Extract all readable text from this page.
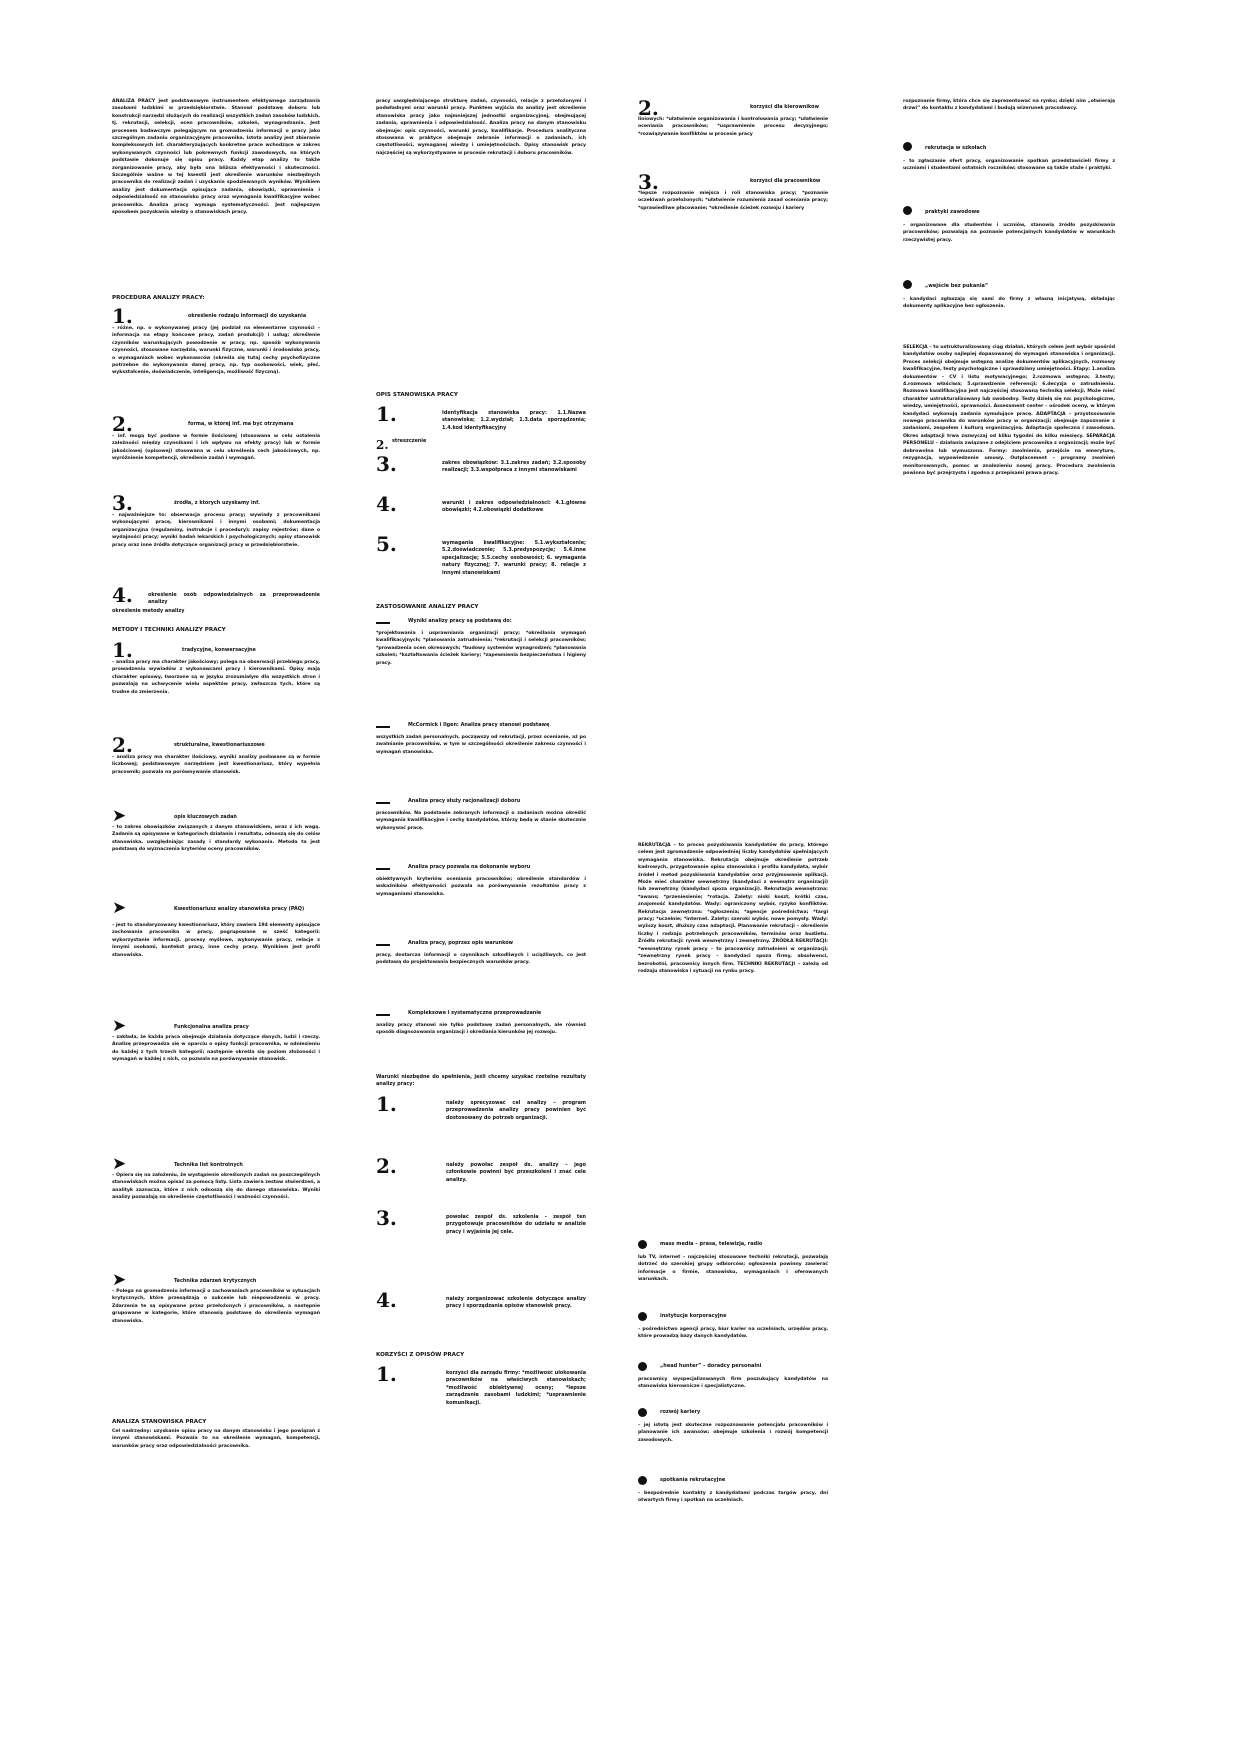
ANALIZA PRACY jest podstawowym instrumentem efektywnego zarządzania zasobami ludzkimi w przedsiębiorstwie. Stanowi podstawę doboru lub konstrukcji narzędzi służących do realizacji wszystkich zadań zasobów ludzkich, tj. rekrutacji, selekcji, ocen pracowników, szkoleń, wynagradzania. Jest procesem badawczym polegającym na gromadzeniu informacji o pracy jako szczególnym zadaniu organizacyjnym pracownika. Istota analizy jest zbieranie kompleksowych inf. charakteryzujących konkretne prace wchodzące w zakres wykonywanych czynności lub pokrewnych funkcji zawodowych, na których podstawie dokonuje się opisu pracy. Każdy etap analizy to także zorganizowanie pracy, aby była ona bliższa efektywności i skuteczności. Szczególnie ważne w tej kwestii jest określenie warunków niezbędnych pracownika do realizacji zadań i uzyskania spodziewanych wyników. Wynikiem analizy jest dokumentacja opisująca zadania, obowiązki, uprawnienia i odpowiedzialność na stanowisku pracy oraz wymagania kwalifikacyjne wobec pracownika. Analiza pracy wymaga systematyczności. Jest najlepszym sposobem pozyskania wiedzy o stanowiskach pracy.

PROCEDURA ANALIZY PRACY:

1.	określenie rodzaju informacji do uzyskania

– różne, np. o wykonywanej pracy (jej podział na elementarne czynności – informacja na etapy końcowe pracy, zadań produkcji) i usług; określenie czynników warunkujących powodzenie w pracy, np. sposób wykonywania czynności, stosowane narzędzia, warunki fizyczne, warunki i środowisko pracy, o wymaganiach wobec wykonawców (określa się tutaj cechy psychofizyczne potrzebne do wykonywania danej pracy, np. typ osobowości, wiek, płeć, wykształcenie, doświadczenie, inteligencja, możliwość fizyczną).

2.	forma, w której inf. ma być otrzymana

– inf. mogą być podane w formie ilościowej (stosowana w celu ustalenia zależności między czynnikami i ich wpływu na efekty pracy) lub w formie jakościowej (opisowej) stosowana w celu określenia cech jakościowych, np. wyróżnienie kompetencji, określenie zadań i wymagań.

3.	źródła, z których uzyskamy inf.

– najważniejsze to: obserwacja procesu pracy; wywiady z pracownikami wykonującymi pracę, kierownikami i innymi osobami; dokumentacja organizacyjna (regulaminy, instrukcje i procedury); zapisy rejestrów; dane o wydajności pracy; wyniki badań lekarskich i psychologicznych; opisy stanowisk pracy oraz inne źródła dotyczące organizacji pracy w przedsiębiorstwie.

4.	określenie osób odpowiedzialnych za przeprowadzenie analizy

określenie metody analizy

METODY I TECHNIKI ANALIZY PRACY

1.	tradycyjne, konwersacyjne

– analiza pracy ma charakter jakościowy; polega na obserwacji przebiegu pracy, prowadzeniu wywiadów z wykonawcami pracy i kierownikami. Opisy mają charakter opisowy, tworzone są w języku zrozumiałym dla wszystkich stron i pozwalają na uchwycenie wielu aspektów pracy, zwłaszcza tych, które są trudne do zmierzenia.

2.	strukturalne, kwestionariuszowe

– analiza pracy ma charakter ilościowy, wyniki analizy podawane są w formie liczbowej; podstawowym narzędziem jest kwestionariusz, który wypełnia pracownik; pozwala na porównywanie stanowisk.

➤	opis kluczowych zadań

– to zakres obowiązków związanych z danym stanowiskiem, wraz z ich wagą. Zadania są opisywane w kategoriach działania i rezultatu, odnoszą się do celów stanowiska, uwzględniając zasady i standardy wykonania. Metoda ta jest podstawą do wyznaczenia kryteriów oceny pracowników.

➤	Kwestionariusz analizy stanowiska pracy (PAQ)

– jest to standaryzowany kwestionariusz, który zawiera 194 elementy opisujące zachowania pracownika w pracy, pogrupowane w sześć kategorii: wykorzystanie informacji, procesy myślowe, wykonywanie pracy, relacje z innymi osobami, kontekst pracy, inne cechy pracy. Wynikiem jest profil stanowiska.

➤	Funkcjonalna analiza pracy

– zakłada, że każda praca obejmuje działania dotyczące danych, ludzi i rzeczy. Analizę przeprowadza się w oparciu o opisy funkcji pracownika, w odniesieniu do każdej z tych trzech kategorii; następnie określa się poziom złożoności i wymagań w każdej z nich, co pozwala na porównywanie stanowisk.

➤	Technika list kontrolnych

– Opiera się na założeniu, że wystąpienie określonych zadań na poszczególnych stanowiskach można opisać za pomocą listy. Lista zawiera zestaw stwierdzeń, a analityk zaznacza, które z nich odnoszą się do danego stanowiska. Wyniki analizy pozwalają na określenie częstotliwości i ważności czynności.

➤	Technika zdarzeń krytycznych

– Polega na gromadzeniu informacji o zachowaniach pracowników w sytuacjach krytycznych, które przesądzają o sukcesie lub niepowodzeniu w pracy. Zdarzenia te są opisywane przez przełożonych i pracowników, a następnie grupowane w kategorie, które stanowią podstawę do określenia wymagań stanowiska.

ANALIZA STANOWISKA PRACY

Cel nadrzędny: uzyskanie opisu pracy na danym stanowisku i jego powiązań z innymi stanowiskami. Pozwala to na określenie wymagań, kompetencji, warunków pracy oraz odpowiedzialności pracownika.

pracy uwzględniającego strukturę zadań, czynności, relacje z przełożonymi i podwładnymi oraz warunki pracy. Punktem wyjścia do analizy jest określenie stanowiska pracy jako najmniejszej jednostki organizacyjnej, obejmującej zadania, uprawnienia i odpowiedzialność. Analiza pracy na danym stanowisku obejmuje: opis czynności, warunki pracy, kwalifikacje. Procedura analityczna stosowana w praktyce obejmuje zebranie informacji o zadaniach, ich częstotliwości, wymaganej wiedzy i umiejętnościach. Opisy stanowisk pracy najczęściej są wykorzystywane w procesie rekrutacji i doboru pracowników.

OPIS STANOWISKA PRACY

1.	Identyfikacja stanowiska pracy: 1.1.Nazwa stanowiska; 1.2.wydział; 1.3.data sporządzenia; 1.4.kod identyfikacyjny

2. streszczenie

3.	zakres obowiązków: 3.1.zakres zadań; 3.2.sposoby realizacji; 3.3.współpraca z innymi stanowiskami

4.	warunki i zakres odpowiedzialności: 4.1.główne obowiązki; 4.2.obowiązki dodatkowe

5.	wymagania kwalifikacyjne: 5.1.wykształcenie; 5.2.doświadczenie; 5.3.predyspozycje; 5.4.inne specjalizacje; 5.5.cechy osobowości; 6. wymagania natury fizycznej; 7. warunki pracy; 8. relacje z innymi stanowiskami

ZASTOSOWANIE ANALIZY PRACY

Wyniki analizy pracy są podstawą do:

*projektowania i usprawniania organizacji pracy; *określania wymagań kwalifikacyjnych; *planowania zatrudnienia; *rekrutacji i selekcji pracowników; *prowadzenia ocen okresowych; *budowy systemów wynagrodzeń; *planowania szkoleń; *kształtowania ścieżek kariery; *zapewnienia bezpieczeństwa i higieny pracy.

McCormick i Ilgen: Analiza pracy stanowi podstawę

wszystkich zadań personalnych, począwszy od rekrutacji, przez ocenianie, aż po zwalnianie pracowników, w tym w szczególności określenie zakresu czynności i wymagań stanowiska.

Analiza pracy służy racjonalizacji doboru

pracowników. Na podstawie zebranych informacji o zadaniach można określić wymagania kwalifikacyjne i cechy kandydatów, którzy będą w stanie skutecznie wykonywać pracę.

Analiza pracy pozwala na dokonanie wyboru

obiektywnych kryteriów oceniania pracowników; określenie standardów i wskaźników efektywności pozwala na porównywanie rezultatów pracy z wymaganiami stanowiska.

Analiza pracy, poprzez opis warunków

pracy, dostarcza informacji o czynnikach szkodliwych i uciążliwych, co jest podstawą do projektowania bezpiecznych warunków pracy.

Kompleksowe i systematyczne przeprowadzanie

analizy pracy stanowi nie tylko podstawę zadań personalnych, ale również sposób diagnozowania organizacji i określania kierunków jej rozwoju.

Warunki niezbędne do spełnienia, jeśli chcemy uzyskać rzetelne rezultaty analizy pracy:

1.	należy sprecyzować cel analizy – program przeprowadzenia analizy pracy powinien być dostosowany do potrzeb organizacji.

2.	należy powołać zespół ds. analizy – jego członkowie powinni być przeszkoleni i znać cele analizy.

3.	powołać zespół ds. szkolenia – zespół ten przygotowuje pracowników do udziału w analizie pracy i wyjaśnia jej cele.

4.	należy zorganizować szkolenie dotyczące analizy pracy i sporządzania opisów stanowisk pracy.

KORZYŚCI Z OPISÓW PRACY

1.	korzyści dla zarządu firmy: *możliwość ulokowania pracowników na właściwych stanowiskach; *możliwość obiektywnej oceny; *lepsze zarządzanie zasobami ludzkimi; *usprawnienie komunikacji.

2.	korzyści dla kierowników

liniowych: *ułatwienie organizowania i kontrolowania pracy; *ułatwienie oceniania pracowników; *usprawnienie procesu decyzyjnego; *rozwiązywanie konfliktów w procesie pracy

3.	korzyści dla pracowników

*lepsze rozpoznanie miejsca i roli stanowiska pracy; *poznanie oczekiwań przełożonych; *ułatwienie rozumienia zasad oceniania pracy; *sprawiedliwe płacowanie; *określenie ścieżek rozwoju i kariery

REKRUTACJA – to proces pozyskiwania kandydatów do pracy, którego celem jest zgromadzenie odpowiedniej liczby kandydatów spełniających wymagania stanowiska. Rekrutacja obejmuje określenie potrzeb kadrowych, przygotowanie opisu stanowiska i profilu kandydata, wybór źródeł i metod pozyskiwania kandydatów oraz przyjmowanie aplikacji. Może mieć charakter wewnętrzny (kandydaci z wewnątrz organizacji) lub zewnętrzny (kandydaci spoza organizacji). Rekrutacja wewnętrzna: *awans; *przeniesienie; *rotacja. Zalety: niski koszt, krótki czas, znajomość kandydatów. Wady: ograniczony wybór, ryzyko konfliktów. Rekrutacja zewnętrzna: *ogłoszenia; *agencje pośrednictwa; *targi pracy; *uczelnie; *internet. Zalety: szeroki wybór, nowe pomysły. Wady: wyższy koszt, dłuższy czas adaptacji. Planowanie rekrutacji – określenie liczby i rodzaju potrzebnych pracowników, terminów oraz budżetu. Źródła rekrutacji: rynek wewnętrzny i zewnętrzny. ŹRÓDŁA REKRUTACJI: *wewnętrzny rynek pracy – to pracownicy zatrudnieni w organizacji; *zewnętrzny rynek pracy – kandydaci spoza firmy, absolwenci, bezrobotni, pracownicy innych firm. TECHNIKI REKRUTACJI – zależą od rodzaju stanowiska i sytuacji na rynku pracy.

mass media – prasa, telewizja, radio

lub TV, internet – najczęściej stosowane techniki rekrutacji, pozwalają dotrzeć do szerokiej grupy odbiorców; ogłoszenia powinny zawierać informacje o firmie, stanowisku, wymaganiach i oferowanych warunkach.

instytucje korporacyjne

– pośrednictwo agencji pracy, biur karier na uczelniach, urzędów pracy, które prowadzą bazy danych kandydatów.

„head hunter” – doradcy personalni

pracownicy wyspecjalizowanych firm poszukujący kandydatów na stanowiska kierownicze i specjalistyczne.

rozwój kariery

– jej istotą jest skuteczne rozpoznawanie potencjału pracowników i planowanie ich awansów; obejmuje szkolenia i rozwój kompetencji zawodowych.

spotkania rekrutacyjne

– bezpośrednie kontakty z kandydatami podczas targów pracy, dni otwartych firmy i spotkań na uczelniach.

rozpoznanie firmy, która chce się zaprezentować na rynku; dzięki nim „otwierają drzwi” do kontaktu z kandydatami i budują wizerunek pracodawcy.

rekrutacja w szkołach

– to zgłaszanie ofert pracy, organizowanie spotkań przedstawicieli firmy z uczniami i studentami ostatnich roczników; stosowane są także staże i praktyki.

praktyki zawodowe

– organizowane dla studentów i uczniów, stanowią źródło pozyskiwania pracowników; pozwalają na poznanie potencjalnych kandydatów w warunkach rzeczywistej pracy.

„wejście bez pukania”

– kandydaci zgłaszają się sami do firmy z własną inicjatywą, składając dokumenty aplikacyjne bez ogłoszenia.

SELEKCJA – to ustrukturalizowany ciąg działań, których celem jest wybór spośród kandydatów osoby najlepiej dopasowanej do wymagań stanowiska i organizacji. Proces selekcji obejmuje wstępną analizę dokumentów aplikacyjnych, rozmowy kwalifikacyjne, testy psychologiczne i sprawdziany umiejętności. Etapy: 1.analiza dokumentów – CV i listu motywacyjnego; 2.rozmowa wstępna; 3.testy; 4.rozmowa właściwa; 5.sprawdzenie referencji; 6.decyzja o zatrudnieniu. Rozmowa kwalifikacyjna jest najczęściej stosowaną techniką selekcji. Może mieć charakter ustrukturalizowany lub swobodny. Testy dzielą się na: psychologiczne, wiedzy, umiejętności, sprawności. Assessment center – ośrodek oceny, w którym kandydaci wykonują zadania symulujące pracę. ADAPTACJA – przystosowanie nowego pracownika do warunków pracy w organizacji; obejmuje zapoznanie z zadaniami, zespołem i kulturą organizacyjną. Adaptacja społeczna i zawodowa. Okres adaptacji trwa zazwyczaj od kilku tygodni do kilku miesięcy. SEPARACJA PERSONELU – działania związane z odejściem pracownika z organizacji; może być dobrowolna lub wymuszona. Formy: zwolnienia, przejście na emeryturę, rezygnacja, wypowiedzenie umowy. Outplacement – programy zwolnień monitorowanych, pomoc w znalezieniu nowej pracy. Procedura zwolnienia powinna być przejrzysta i zgodna z przepisami prawa pracy.
